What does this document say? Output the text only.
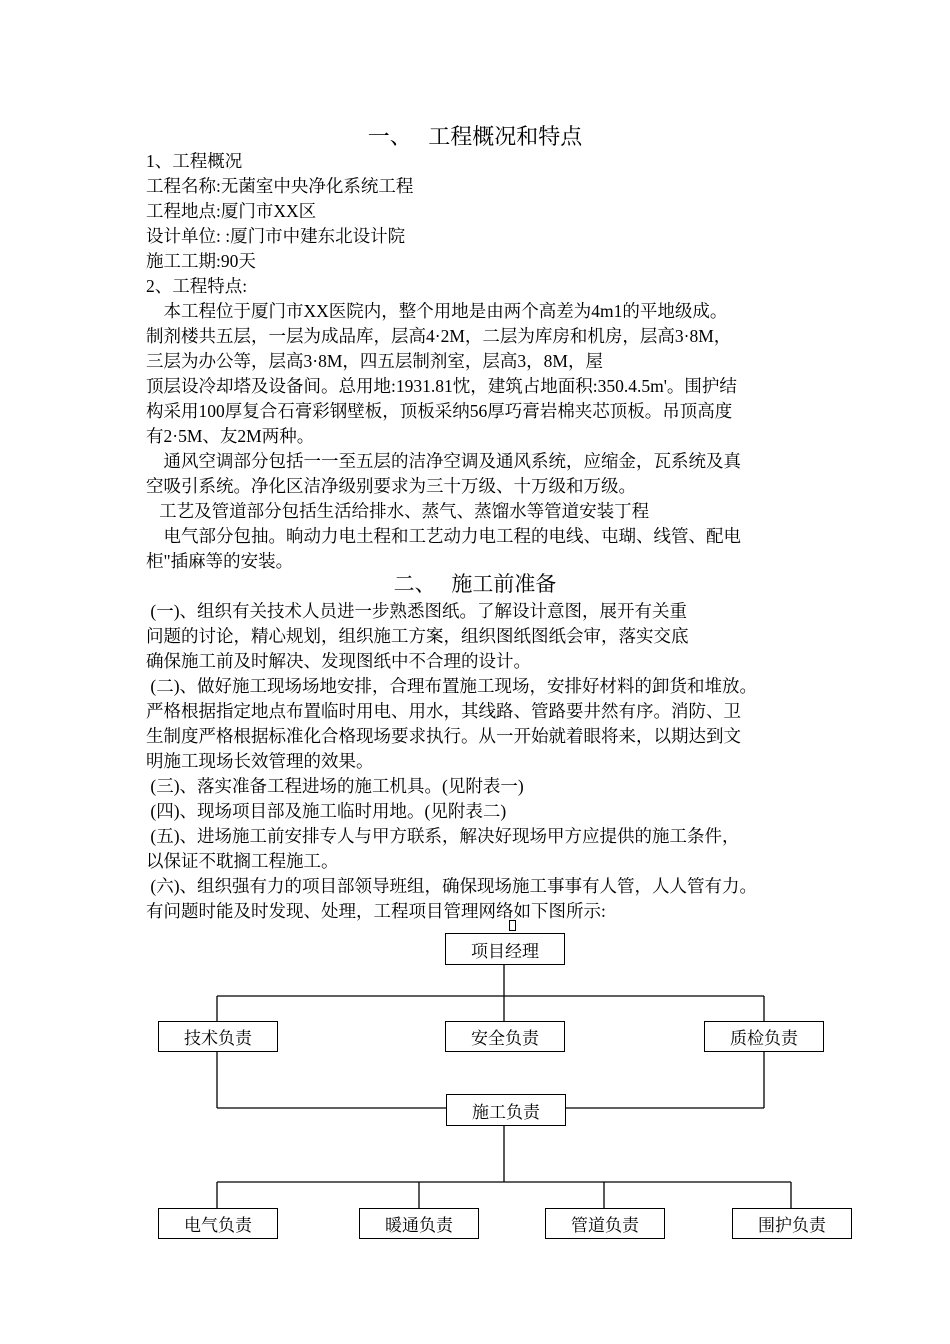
一、   工程概况和特点
1、工程概况
工程名称:无菌室中央净化系统工程
工程地点:厦门市XX区
设计单位: :厦门市中建东北设计院
施工工期:90天
2、工程特点:
本工程位于厦门市XX医院内，整个用地是由两个高差为4m1的平地级成。
制剂楼共五层，一层为成品库，层高4·2M，二层为库房和机房，层高3·8M，
三层为办公等，层高3·8M，四五层制剂室，层高3，8M，屋
顶层设冷却塔及设备间。总用地:1931.81忱，建筑占地面积:350.4.5m'。围护结
构采用100厚复合石膏彩钢壁板，顶板采纳56厚巧膏岩棉夹芯顶板。吊顶高度
有2·5M、友2M两种。
通风空调部分包括一一至五层的洁净空调及通风系统，应缩金，瓦系统及真
空吸引系统。净化区洁净级别要求为三十万级、十万级和万级。
工艺及管道部分包括生活给排水、蒸气、蒸馏水等管道安装丁程
电气部分包抽。晌动力电土程和工艺动力电工程的电线、屯瑚、线管、配电
柜"插麻等的安装。
二、   施工前准备
(一)、组织有关技术人员进一步熟悉图纸。了解设计意图，展开有关重
问题的讨论，精心规划，组织施工方案，组织图纸图纸会审，落实交底
确保施工前及时解决、发现图纸中不合理的设计。
(二)、做好施工现场场地安排，合理布置施工现场，安排好材料的卸货和堆放。
严格根据指定地点布置临时用电、用水，其线路、管路要井然有序。消防、卫
生制度严格根据标准化合格现场要求执行。从一开始就着眼将来，以期达到文
明施工现场长效管理的效果。
(三)、落实准备工程进场的施工机具。(见附表一)
(四)、现场项目部及施工临时用地。(见附表二)
(五)、进场施工前安排专人与甲方联系，解决好现场甲方应提供的施工条件，
以保证不耽搁工程施工。
(六)、组织强有力的项目部领导班组，确保现场施工事事有人管，人人管有力。
有问题时能及时发现、处理，工程项目管理网络如下图所示:
项目经理
技术负责	安全负责	质检负责
施工负责
电气负责	暖通负责	管道负责	围护负责
